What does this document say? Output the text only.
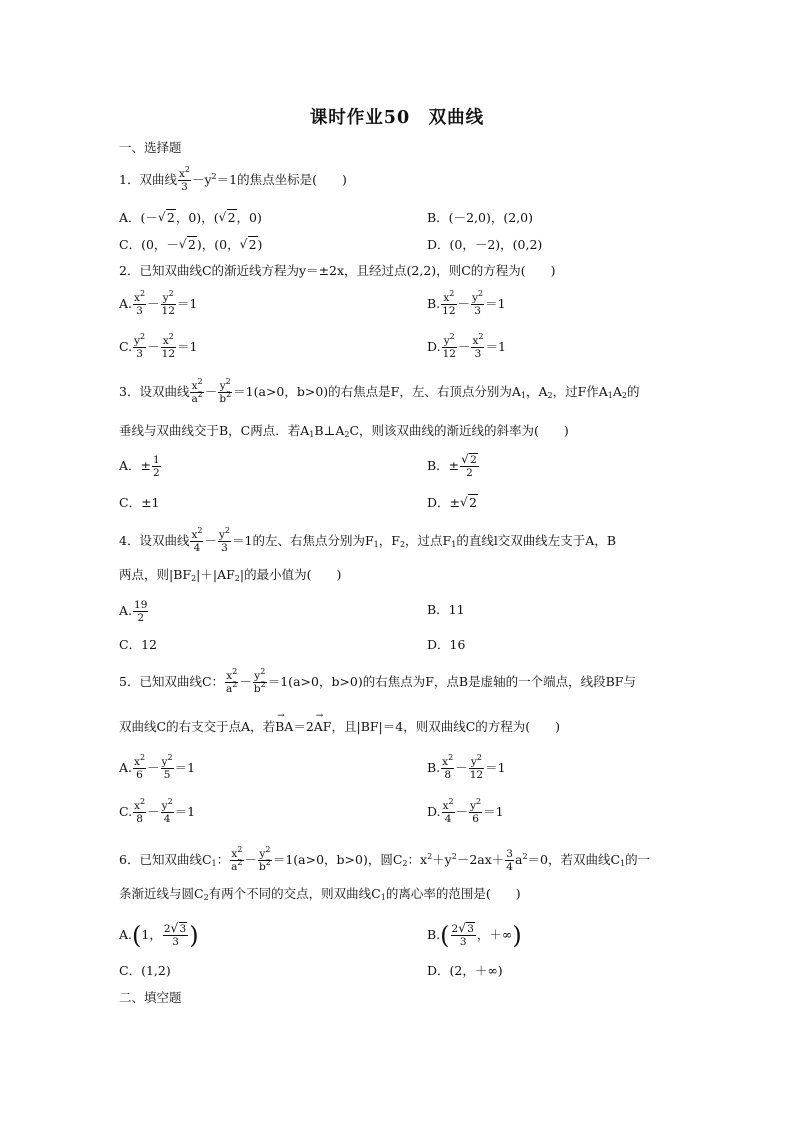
课时作业50　双曲线
一、选择题
1．双曲线 $\frac{x^2}{3} -y^2=1$的焦点坐标是(　　)
A．(－ √ 2，0)，( √ 2，0)	B．(－2,0)，(2,0)
C．(0，－ √ 2)，(0， √ 2)	D．(0，－2)，(0,2)
2．已知双曲线C的渐近线方程为y＝±2x，且经过点(2,2)，则C的方程为(　　)
A. $\frac{x^2}{3} - \frac{y^2}{12} =1$	B. $\frac{x^2}{12} - \frac{y^2}{3} =1$
C. $\frac{y^2}{3} - \frac{x^2}{12} =1$	D. $\frac{y^2}{12} - \frac{x^2}{3} =1$
3．设双曲线 $\frac{x^2}{a^2} - \frac{y^2}{b^2} =1(a>0$，b>0)的右焦点是F，左、右顶点分别为$A_1$，$A_2$，过F作$A_1A_2$的
垂线与双曲线交于B，C两点．若$A_1B\perp A_2C$，则该双曲线的渐近线的斜率为(　　)
A．± $\frac{1}{2}$	B．± √ $\frac{2}{2}$
C．±1	D．± √ 2
4．设双曲线 $\frac{x^2}{4} - \frac{y^2}{3} =1$的左、右焦点分别为$F_1$，$F_2$，过点$F_1$的直线l交双曲线左支于A，B
两点，则$|BF_2|+|AF_2|$的最小值为(　　)
A. $\frac{19}{2}$	B．11
C．12	D．16
5．已知双曲线C： $\frac{x^2}{a^2} - \frac{y^2}{b^2} =1(a>0$，b>0)的右焦点为F，点B是虚轴的一个端点，线段BF与
双曲线C的右支交于点A，若BA →＝2AF →，且|BF|＝4，则双曲线C的方程为(　　)
A. $\frac{x^2}{6} - \frac{y^2}{5} =1$	B. $\frac{x^2}{8} - \frac{y^2}{12} =1$
C. $\frac{x^2}{8} - \frac{y^2}{4} =1$	D. $\frac{x^2}{4} - \frac{y^2}{6} =1$
6．已知双曲线$C_1$： $\frac{x^2}{a^2} - \frac{y^2}{b^2} =1(a>0$，b>0)，圆$C_2$：$x^2+y^2-2ax+ \frac{3}{4} a^2=0$，若双曲线$C_1$的一
条渐近线与圆$C_2$有两个不同的交点，则双曲线$C_1$的离心率的范围是(　　)
A.(1， $\frac{2 √ 3}{3}$ )	$B.( \frac{2 √ 3}{3}$ ，＋∞)
C．(1,2)	D．(2，＋∞)
二、填空题
